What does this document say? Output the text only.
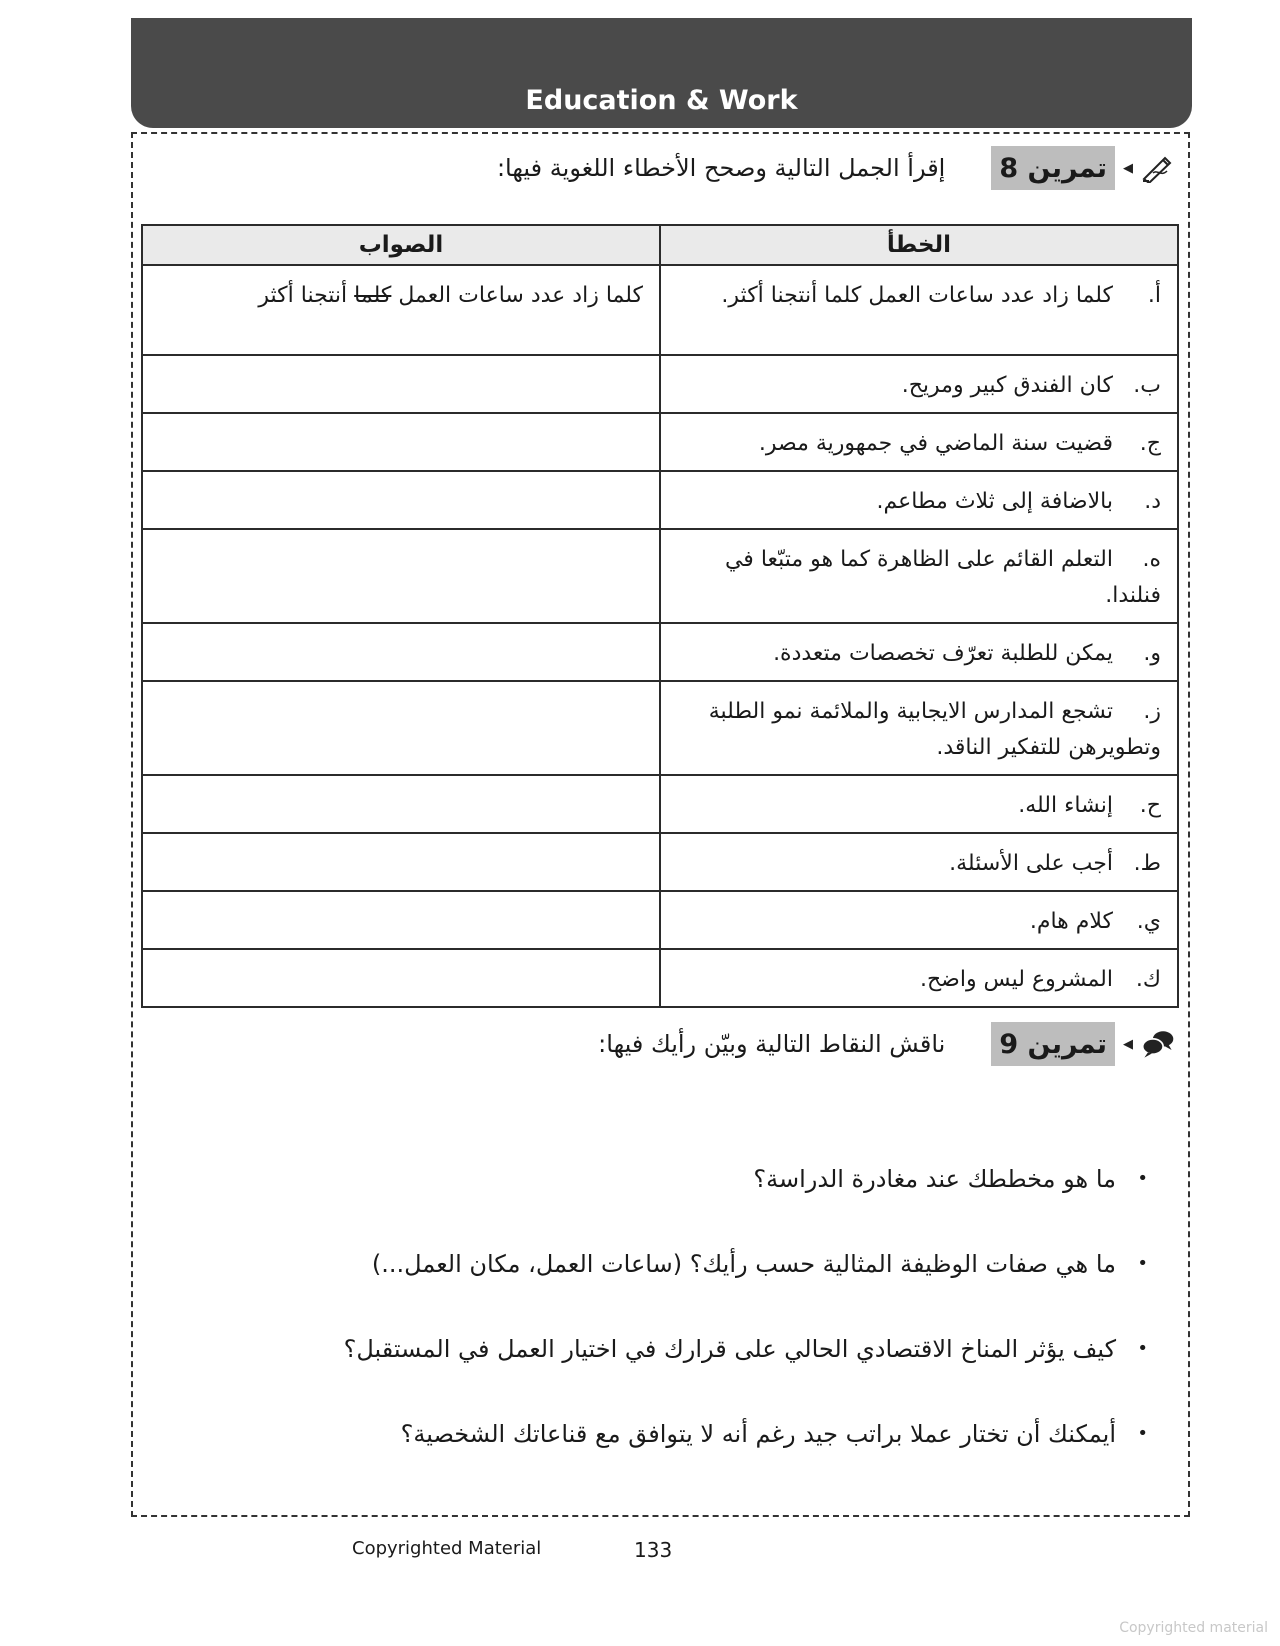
Education & Work
◀
تمرين 8
إقرأ الجمل التالية وصحح الأخطاء اللغوية فيها:
الخطأ	الصواب
أ.كلما زاد عدد ساعات العمل كلما أنتجنا أكثر.	كلما زاد عدد ساعات العمل كلما أنتجنا أكثر
ب.كان الفندق كبير ومريح.	
ج.قضيت سنة الماضي في جمهورية مصر.	
د.بالاضافة إلى ثلاث مطاعم.	
ه.التعلم القائم على الظاهرة كما هو متبّعا في فنلندا.	
و.يمكن للطلبة تعرّف تخصصات متعددة.	
ز.تشجع المدارس الايجابية والملائمة نمو الطلبة وتطويرهن للتفكير الناقد.	
ح.إنشاء الله.	
ط.أجب على الأسئلة.	
ي.كلام هام.	
ك.المشروع ليس واضح.	
◀
تمرين 9
ناقش النقاط التالية وبيّن رأيك فيها:
• ما هو مخططك عند مغادرة الدراسة؟
• ما هي صفات الوظيفة المثالية حسب رأيك؟ (ساعات العمل، مكان العمل...)
• كيف يؤثر المناخ الاقتصادي الحالي على قرارك في اختيار العمل في المستقبل؟
• أيمكنك أن تختار عملا براتب جيد رغم أنه لا يتوافق مع قناعاتك الشخصية؟
Copyrighted Material	133
Copyrighted material
